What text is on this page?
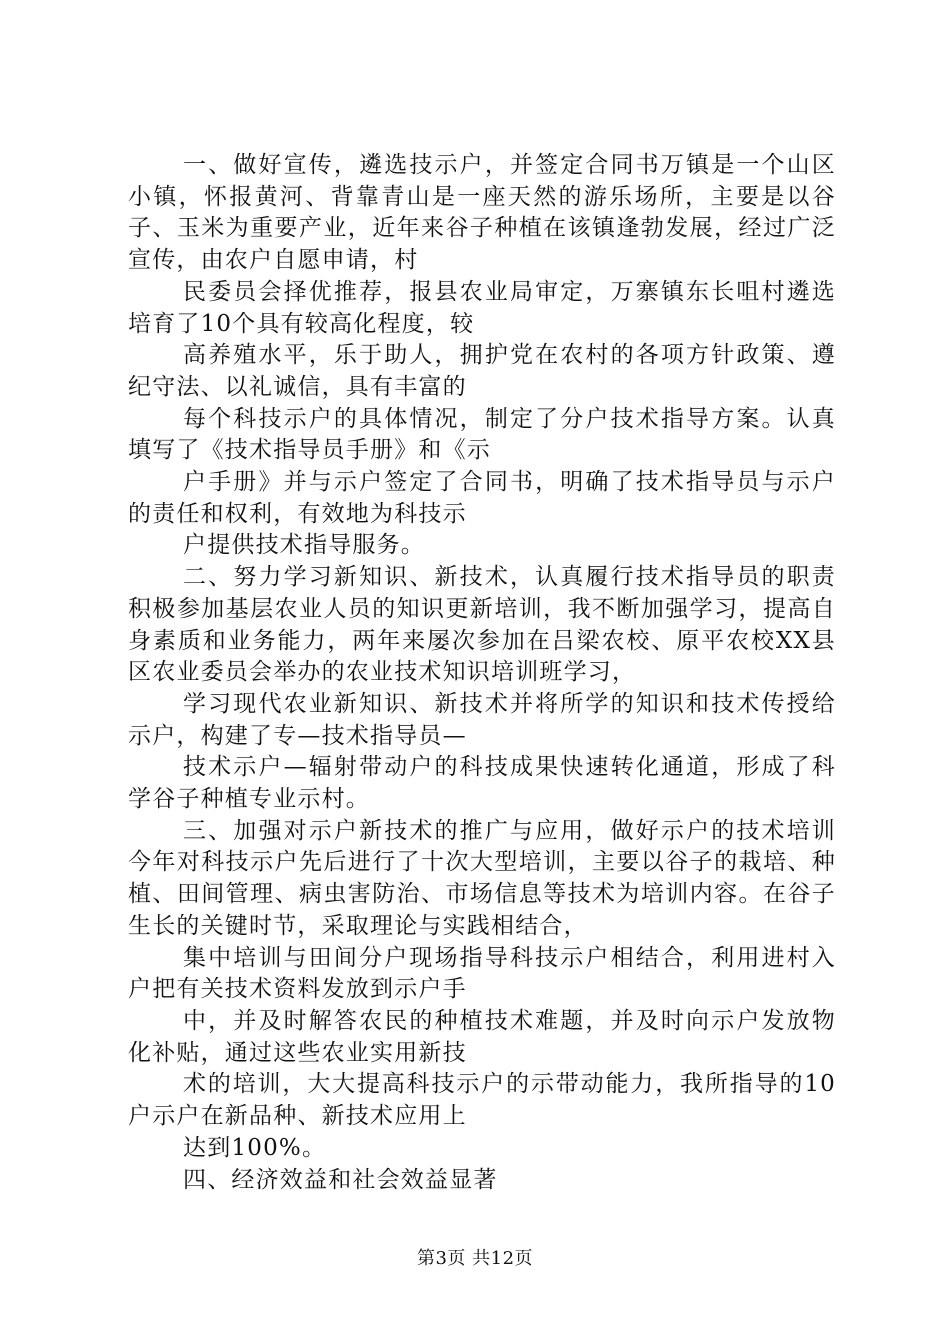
一、做好宣传，遴选技示户，并签定合同书万镇是一个山区小镇，怀报黄河、背靠青山是一座天然的游乐场所，主要是以谷子、玉米为重要产业，近年来谷子种植在该镇逢勃发展，经过广泛宣传，由农户自愿申请，村

民委员会择优推荐，报县农业局审定，万寨镇东长咀村遴选培育了10个具有较高化程度，较

高养殖水平，乐于助人，拥护党在农村的各项方针政策、遵纪守法、以礼诚信，具有丰富的

每个科技示户的具体情况，制定了分户技术指导方案。认真填写了《技术指导员手册》和《示

户手册》并与示户签定了合同书，明确了技术指导员与示户的责任和权利，有效地为科技示

户提供技术指导服务。

二、努力学习新知识、新技术，认真履行技术指导员的职责积极参加基层农业人员的知识更新培训，我不断加强学习，提高自身素质和业务能力，两年来屡次参加在吕梁农校、原平农校XX县区农业委员会举办的农业技术知识培训班学习，

学习现代农业新知识、新技术并将所学的知识和技术传授给示户，构建了专—技术指导员—

技术示户—辐射带动户的科技成果快速转化通道，形成了科学谷子种植专业示村。

三、加强对示户新技术的推广与应用，做好示户的技术培训今年对科技示户先后进行了十次大型培训，主要以谷子的栽培、种植、田间管理、病虫害防治、市场信息等技术为培训内容。在谷子生长的关键时节，采取理论与实践相结合，

集中培训与田间分户现场指导科技示户相结合，利用进村入户把有关技术资料发放到示户手

中，并及时解答农民的种植技术难题，并及时向示户发放物化补贴，通过这些农业实用新技

术的培训，大大提高科技示户的示带动能力，我所指导的10户示户在新品种、新技术应用上

达到100%。

四、经济效益和社会效益显著

第3页 共12页
